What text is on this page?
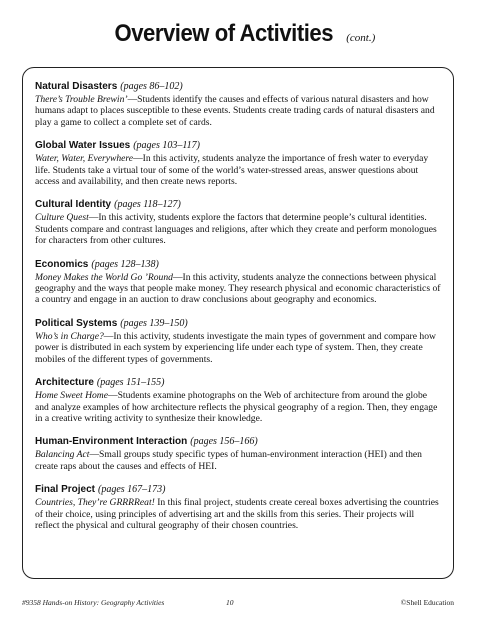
Overview of Activities (cont.)
Natural Disasters (pages 86–102)

There’s Trouble Brewin’—Students identify the causes and effects of various natural disasters and how humans adapt to places susceptible to these events. Students create trading cards of natural disasters and play a game to collect a complete set of cards.

Global Water Issues (pages 103–117)

Water, Water, Everywhere—In this activity, students analyze the importance of fresh water to everyday life. Students take a virtual tour of some of the world’s water-stressed areas, answer questions about access and availability, and then create news reports.

Cultural Identity (pages 118–127)

Culture Quest—In this activity, students explore the factors that determine people’s cultural identities. Students compare and contrast languages and religions, after which they create and perform monologues for characters from other cultures.

Economics (pages 128–138)

Money Makes the World Go ’Round—In this activity, students analyze the connections between physical geography and the ways that people make money. They research physical and economic characteristics of a country and engage in an auction to draw conclusions about geography and economics.

Political Systems (pages 139–150)

Who’s in Charge?—In this activity, students investigate the main types of government and compare how power is distributed in each system by experiencing life under each type of system. Then, they create mobiles of the different types of governments.

Architecture (pages 151–155)

Home Sweet Home—Students examine photographs on the Web of architecture from around the globe and analyze examples of how architecture reflects the physical geography of a region. Then, they engage in a creative writing activity to synthesize their knowledge.

Human-Environment Interaction (pages 156–166)

Balancing Act—Small groups study specific types of human-environment interaction (HEI) and then create raps about the causes and effects of HEI.

Final Project (pages 167–173)

Countries, They’re GRRRReat! In this final project, students create cereal boxes advertising the countries of their choice, using principles of advertising art and the skills from this series. Their projects will reflect the physical and cultural geography of their chosen countries.

#9358 Hands-on History: Geography Activities	10	©Shell Education
